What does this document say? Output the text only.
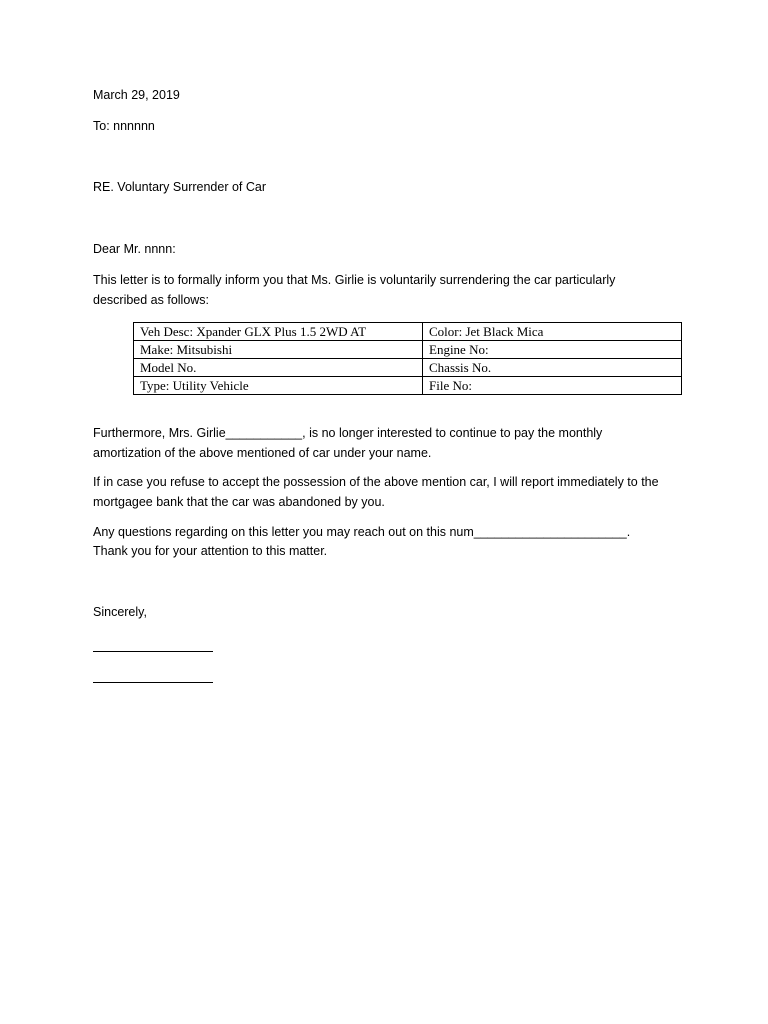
March 29, 2019

To: nnnnnn

RE. Voluntary Surrender of Car

Dear Mr. nnnn:

This letter is to formally inform you that Ms. Girlie is voluntarily surrendering the car particularly described as follows:

Veh Desc: Xpander GLX Plus 1.5 2WD AT	Color: Jet Black Mica
Make: Mitsubishi	Engine No:
Model No.	Chassis No.
Type: Utility Vehicle	File No:

Furthermore, Mrs. Girlie___________, is no longer interested to continue to pay the monthly amortization of the above mentioned of car under your name.

If in case you refuse to accept the possession of the above mention car, I will report immediately to the mortgagee bank that the car was abandoned by you.

Any questions regarding on this letter you may reach out on this num______________________.

Thank you for your attention to this matter.

Sincerely,
